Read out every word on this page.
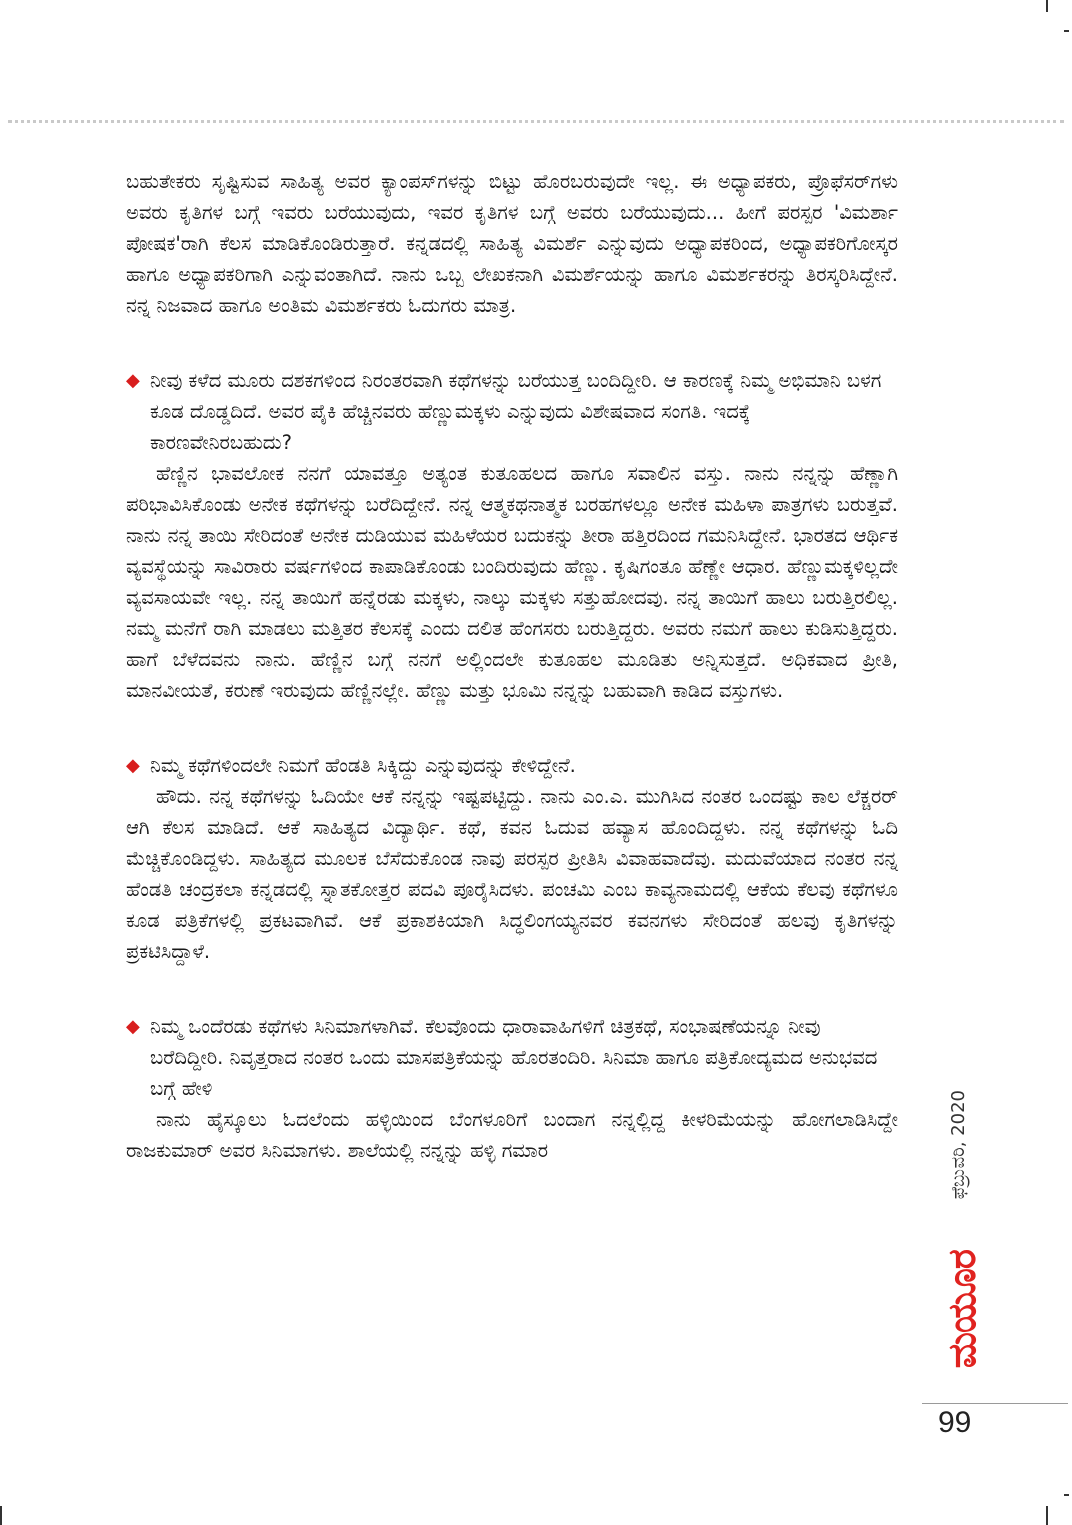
ಬಹುತೇಕರು ಸೃಷ್ಟಿಸುವ ಸಾಹಿತ್ಯ ಅವರ ಕ್ಯಾಂಪಸ್‌ಗಳನ್ನು ಬಿಟ್ಟು ಹೊರಬರುವುದೇ ಇಲ್ಲ. ಈ ಅಧ್ಯಾಪಕರು, ಪ್ರೊಫೆಸರ್‌ಗಳು ಅವರು ಕೃತಿಗಳ ಬಗ್ಗೆ ಇವರು ಬರೆಯುವುದು, ಇವರ ಕೃತಿಗಳ ಬಗ್ಗೆ ಅವರು ಬರೆಯುವುದು... ಹೀಗೆ ಪರಸ್ಪರ 'ವಿಮರ್ಶಾ ಪೋಷಕ'ರಾಗಿ ಕೆಲಸ ಮಾಡಿಕೊಂಡಿರುತ್ತಾರೆ. ಕನ್ನಡದಲ್ಲಿ ಸಾಹಿತ್ಯ ವಿಮರ್ಶೆ ಎನ್ನುವುದು ಅಧ್ಯಾಪಕರಿಂದ, ಅಧ್ಯಾಪಕರಿಗೋಸ್ಕರ ಹಾಗೂ ಅಧ್ಯಾಪಕರಿಗಾಗಿ ಎನ್ನುವಂತಾಗಿದೆ. ನಾನು ಒಬ್ಬ ಲೇಖಕನಾಗಿ ವಿಮರ್ಶೆಯನ್ನು ಹಾಗೂ ವಿಮರ್ಶಕರನ್ನು ತಿರಸ್ಕರಿಸಿದ್ದೇನೆ. ನನ್ನ ನಿಜವಾದ ಹಾಗೂ ಅಂತಿಮ ವಿಮರ್ಶಕರು ಓದುಗರು ಮಾತ್ರ.

◆ ನೀವು ಕಳೆದ ಮೂರು ದಶಕಗಳಿಂದ ನಿರಂತರವಾಗಿ ಕಥೆಗಳನ್ನು ಬರೆಯುತ್ತ ಬಂದಿದ್ದೀರಿ. ಆ ಕಾರಣಕ್ಕೆ ನಿಮ್ಮ ಅಭಿಮಾನಿ ಬಳಗ ಕೂಡ ದೊಡ್ಡದಿದೆ. ಅವರ ಪೈಕಿ ಹೆಚ್ಚಿನವರು ಹೆಣ್ಣುಮಕ್ಕಳು ಎನ್ನುವುದು ವಿಶೇಷವಾದ ಸಂಗತಿ. ಇದಕ್ಕೆ ಕಾರಣವೇನಿರಬಹುದು?

ಹೆಣ್ಣಿನ ಭಾವಲೋಕ ನನಗೆ ಯಾವತ್ತೂ ಅತ್ಯಂತ ಕುತೂಹಲದ ಹಾಗೂ ಸವಾಲಿನ ವಸ್ತು. ನಾನು ನನ್ನನ್ನು ಹೆಣ್ಣಾಗಿ ಪರಿಭಾವಿಸಿಕೊಂಡು ಅನೇಕ ಕಥೆಗಳನ್ನು ಬರೆದಿದ್ದೇನೆ. ನನ್ನ ಆತ್ಮಕಥನಾತ್ಮಕ ಬರಹಗಳಲ್ಲೂ ಅನೇಕ ಮಹಿಳಾ ಪಾತ್ರಗಳು ಬರುತ್ತವೆ. ನಾನು ನನ್ನ ತಾಯಿ ಸೇರಿದಂತೆ ಅನೇಕ ದುಡಿಯುವ ಮಹಿಳೆಯರ ಬದುಕನ್ನು ತೀರಾ ಹತ್ತಿರದಿಂದ ಗಮನಿಸಿದ್ದೇನೆ. ಭಾರತದ ಆರ್ಥಿಕ ವ್ಯವಸ್ಥೆಯನ್ನು ಸಾವಿರಾರು ವರ್ಷಗಳಿಂದ ಕಾಪಾಡಿಕೊಂಡು ಬಂದಿರುವುದು ಹೆಣ್ಣು. ಕೃಷಿಗಂತೂ ಹೆಣ್ಣೇ ಆಧಾರ. ಹೆಣ್ಣುಮಕ್ಕಳಿಲ್ಲದೇ ವ್ಯವಸಾಯವೇ ಇಲ್ಲ. ನನ್ನ ತಾಯಿಗೆ ಹನ್ನೆರಡು ಮಕ್ಕಳು, ನಾಲ್ಕು ಮಕ್ಕಳು ಸತ್ತುಹೋದವು. ನನ್ನ ತಾಯಿಗೆ ಹಾಲು ಬರುತ್ತಿರಲಿಲ್ಲ. ನಮ್ಮ ಮನೆಗೆ ರಾಗಿ ಮಾಡಲು ಮತ್ತಿತರ ಕೆಲಸಕ್ಕೆ ಎಂದು ದಲಿತ ಹೆಂಗಸರು ಬರುತ್ತಿದ್ದರು. ಅವರು ನಮಗೆ ಹಾಲು ಕುಡಿಸುತ್ತಿದ್ದರು. ಹಾಗೆ ಬೆಳೆದವನು ನಾನು. ಹೆಣ್ಣಿನ ಬಗ್ಗೆ ನನಗೆ ಅಲ್ಲಿಂದಲೇ ಕುತೂಹಲ ಮೂಡಿತು ಅನ್ನಿಸುತ್ತದೆ. ಅಧಿಕವಾದ ಪ್ರೀತಿ, ಮಾನವೀಯತೆ, ಕರುಣೆ ಇರುವುದು ಹೆಣ್ಣಿನಲ್ಲೇ. ಹೆಣ್ಣು ಮತ್ತು ಭೂಮಿ ನನ್ನನ್ನು ಬಹುವಾಗಿ ಕಾಡಿದ ವಸ್ತುಗಳು.

◆ ನಿಮ್ಮ ಕಥೆಗಳಿಂದಲೇ ನಿಮಗೆ ಹೆಂಡತಿ ಸಿಕ್ಕಿದ್ದು ಎನ್ನುವುದನ್ನು ಕೇಳಿದ್ದೇನೆ.

ಹೌದು. ನನ್ನ ಕಥೆಗಳನ್ನು ಓದಿಯೇ ಆಕೆ ನನ್ನನ್ನು ಇಷ್ಟಪಟ್ಟಿದ್ದು. ನಾನು ಎಂ.ಎ. ಮುಗಿಸಿದ ನಂತರ ಒಂದಷ್ಟು ಕಾಲ ಲೆಕ್ಚರರ್ ಆಗಿ ಕೆಲಸ ಮಾಡಿದೆ. ಆಕೆ ಸಾಹಿತ್ಯದ ವಿದ್ಯಾರ್ಥಿ. ಕಥೆ, ಕವನ ಓದುವ ಹವ್ಯಾಸ ಹೊಂದಿದ್ದಳು. ನನ್ನ ಕಥೆಗಳನ್ನು ಓದಿ ಮೆಚ್ಚಿಕೊಂಡಿದ್ದಳು. ಸಾಹಿತ್ಯದ ಮೂಲಕ ಬೆಸೆದುಕೊಂಡ ನಾವು ಪರಸ್ಪರ ಪ್ರೀತಿಸಿ ವಿವಾಹವಾದೆವು. ಮದುವೆಯಾದ ನಂತರ ನನ್ನ ಹೆಂಡತಿ ಚಂದ್ರಕಲಾ ಕನ್ನಡದಲ್ಲಿ ಸ್ನಾತಕೋತ್ತರ ಪದವಿ ಪೂರೈಸಿದಳು. ಪಂಚಮಿ ಎಂಬ ಕಾವ್ಯನಾಮದಲ್ಲಿ ಆಕೆಯ ಕೆಲವು ಕಥೆಗಳೂ ಕೂಡ ಪತ್ರಿಕೆಗಳಲ್ಲಿ ಪ್ರಕಟವಾಗಿವೆ. ಆಕೆ ಪ್ರಕಾಶಕಿಯಾಗಿ ಸಿದ್ಧಲಿಂಗಯ್ಯನವರ ಕವನಗಳು ಸೇರಿದಂತೆ ಹಲವು ಕೃತಿಗಳನ್ನು ಪ್ರಕಟಿಸಿದ್ದಾಳೆ.

◆ ನಿಮ್ಮ ಒಂದೆರಡು ಕಥೆಗಳು ಸಿನಿಮಾಗಳಾಗಿವೆ. ಕೆಲವೊಂದು ಧಾರಾವಾಹಿಗಳಿಗೆ ಚಿತ್ರಕಥೆ, ಸಂಭಾಷಣೆಯನ್ನೂ ನೀವು ಬರೆದಿದ್ದೀರಿ. ನಿವೃತ್ತರಾದ ನಂತರ ಒಂದು ಮಾಸಪತ್ರಿಕೆಯನ್ನು ಹೊರತಂದಿರಿ. ಸಿನಿಮಾ ಹಾಗೂ ಪತ್ರಿಕೋದ್ಯಮದ ಅನುಭವದ ಬಗ್ಗೆ ಹೇಳಿ

ನಾನು ಹೈಸ್ಕೂಲು ಓದಲೆಂದು ಹಳ್ಳಿಯಿಂದ ಬೆಂಗಳೂರಿಗೆ ಬಂದಾಗ ನನ್ನಲ್ಲಿದ್ದ ಕೀಳರಿಮೆಯನ್ನು ಹೋಗಲಾಡಿಸಿದ್ದೇ ರಾಜಕುಮಾರ್ ಅವರ ಸಿನಿಮಾಗಳು. ಶಾಲೆಯಲ್ಲಿ ನನ್ನನ್ನು ಹಳ್ಳಿ ಗಮಾರ	ಫೆಬ್ರುವರಿ, 2020
ಮಯೂರ
99
